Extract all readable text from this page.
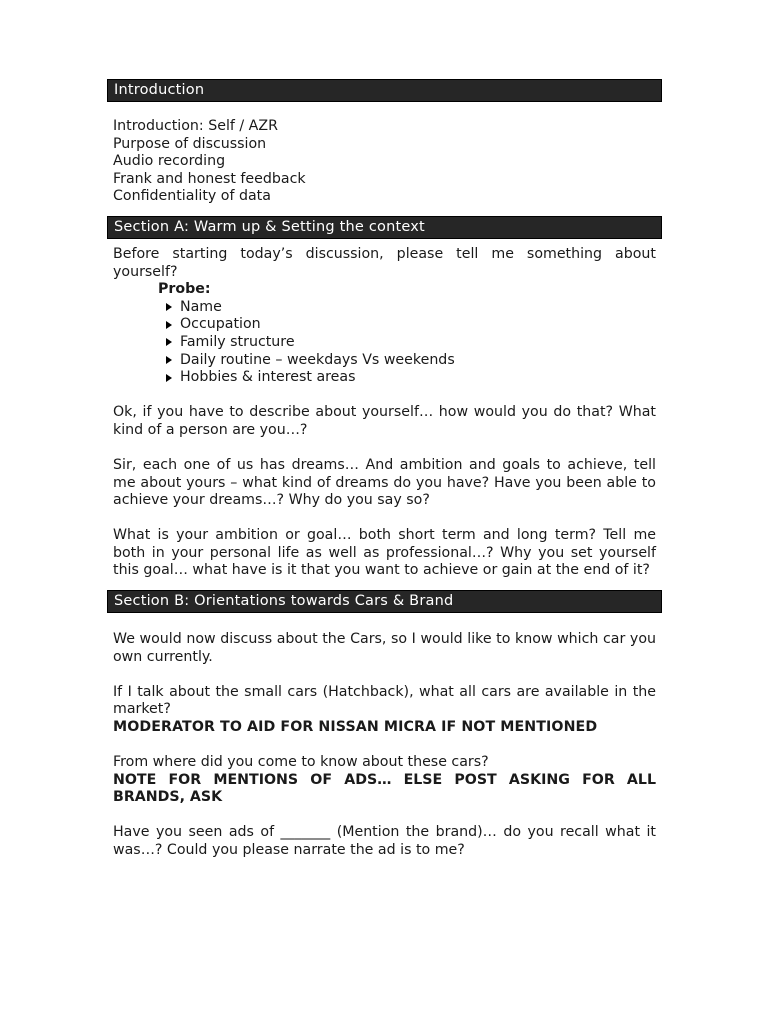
Introduction
Introduction: Self / AZR
Purpose of discussion
Audio recording
Frank and honest feedback
Confidentiality of data
Section A: Warm up & Setting the context

Before starting today’s discussion, please tell me something about yourself?

Probe:
Name
Occupation
Family structure
Daily routine – weekdays Vs weekends
Hobbies & interest areas

Ok, if you have to describe about yourself… how would you do that? What kind of a person are you…?

Sir, each one of us has dreams… And ambition and goals to achieve, tell me about yours – what kind of dreams do you have? Have you been able to achieve your dreams…? Why do you say so?

What is your ambition or goal… both short term and long term? Tell me both in your personal life as well as professional…? Why you set yourself this goal… what have is it that you want to achieve or gain at the end of it?

Section B: Orientations towards Cars & Brand

We would now discuss about the Cars, so I would like to know which car you own currently.

If I talk about the small cars (Hatchback), what all cars are available in the market?

MODERATOR TO AID FOR NISSAN MICRA IF NOT MENTIONED

From where did you come to know about these cars?

NOTE FOR MENTIONS OF ADS… ELSE POST ASKING FOR ALL BRANDS, ASK

Have you seen ads of _______ (Mention the brand)… do you recall what it was…? Could you please narrate the ad is to me?
